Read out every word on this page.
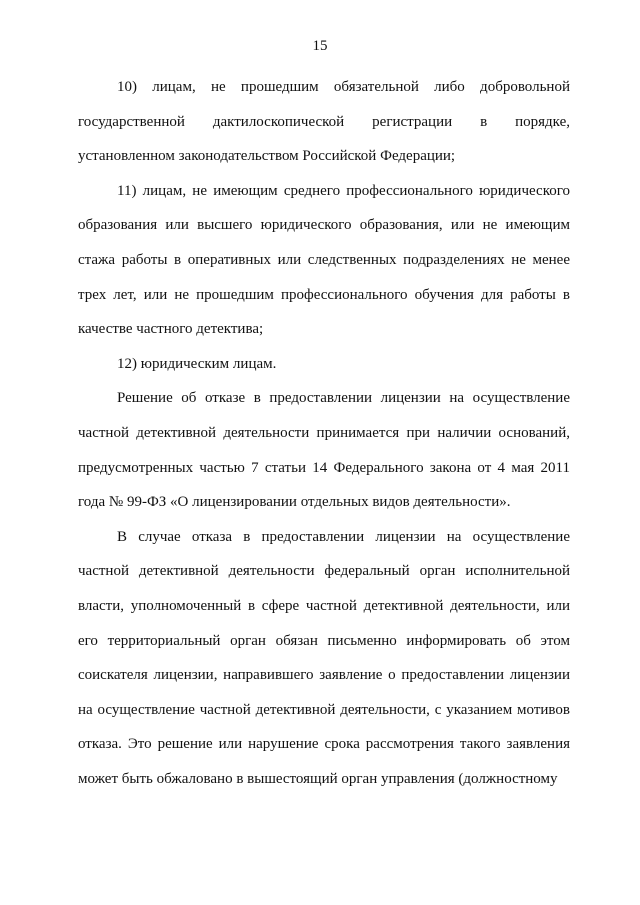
15

10) лицам, не прошедшим обязательной либо добровольной государственной дактилоскопической регистрации в порядке, установленном законодательством Российской Федерации;

11) лицам, не имеющим среднего профессионального юридического образования или высшего юридического образования, или не имеющим стажа работы в оперативных или следственных подразделениях не менее трех лет, или не прошедшим профессионального обучения для работы в качестве частного детектива;

12) юридическим лицам.

Решение об отказе в предоставлении лицензии на осуществление частной детективной деятельности принимается при наличии оснований, предусмотренных частью 7 статьи 14 Федерального закона от 4 мая 2011 года № 99-ФЗ «О лицензировании отдельных видов деятельности».

В случае отказа в предоставлении лицензии на осуществление частной детективной деятельности федеральный орган исполнительной власти, уполномоченный в сфере частной детективной деятельности, или его территориальный орган обязан письменно информировать об этом соискателя лицензии, направившего заявление о предоставлении лицензии на осуществление частной детективной деятельности, с указанием мотивов отказа. Это решение или нарушение срока рассмотрения такого заявления может быть обжаловано в вышестоящий орган управления (должностному
